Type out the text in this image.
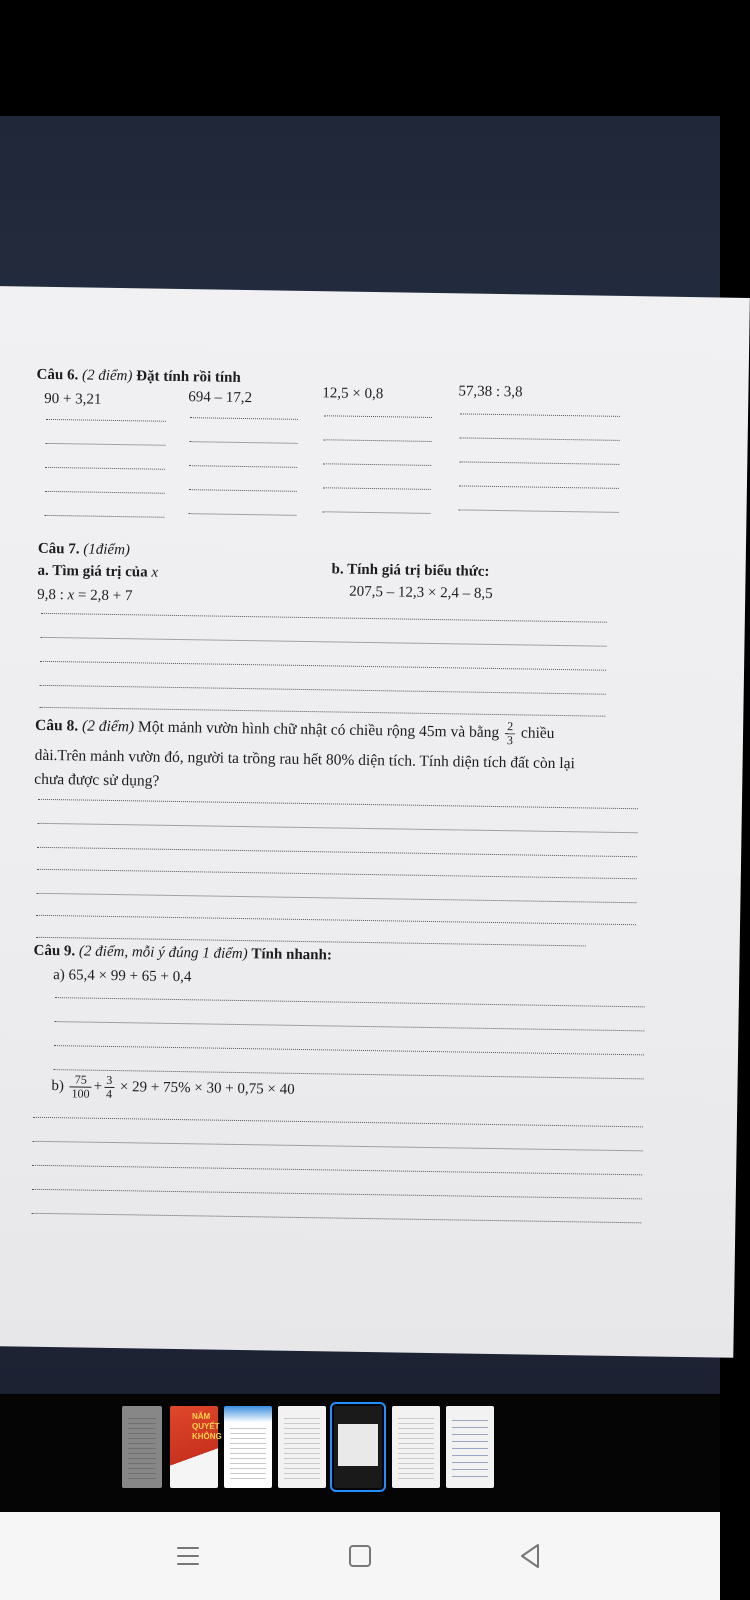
Câu 6. (2 điểm) Đặt tính rồi tính
90 + 3,21	694 – 17,2	12,5 × 0,8	57,38 : 3,8
Câu 7. (1điểm)
a. Tìm giá trị của x
9,8 : x = 2,8 + 7
b. Tính giá trị biểu thức:
207,5 – 12,3 × 2,4 – 8,5
Câu 8. (2 điểm) Một mảnh vườn hình chữ nhật có chiều rộng 45m và bằng $\frac{2}{3}$ chiều
dài.Trên mảnh vườn đó, người ta trồng rau hết 80% diện tích. Tính diện tích đất còn lại
chưa được sử dụng?
Câu 9. (2 điểm, mỗi ý đúng 1 điểm) Tính nhanh:
a) 65,4 × 99 + 65 + 0,4
$b) \frac{75}{100} + \frac{3}{4} \times 29 + 75\% \times 30 + 0,75 \times 40$
NĂM
QUYẾT
KHÔNG
